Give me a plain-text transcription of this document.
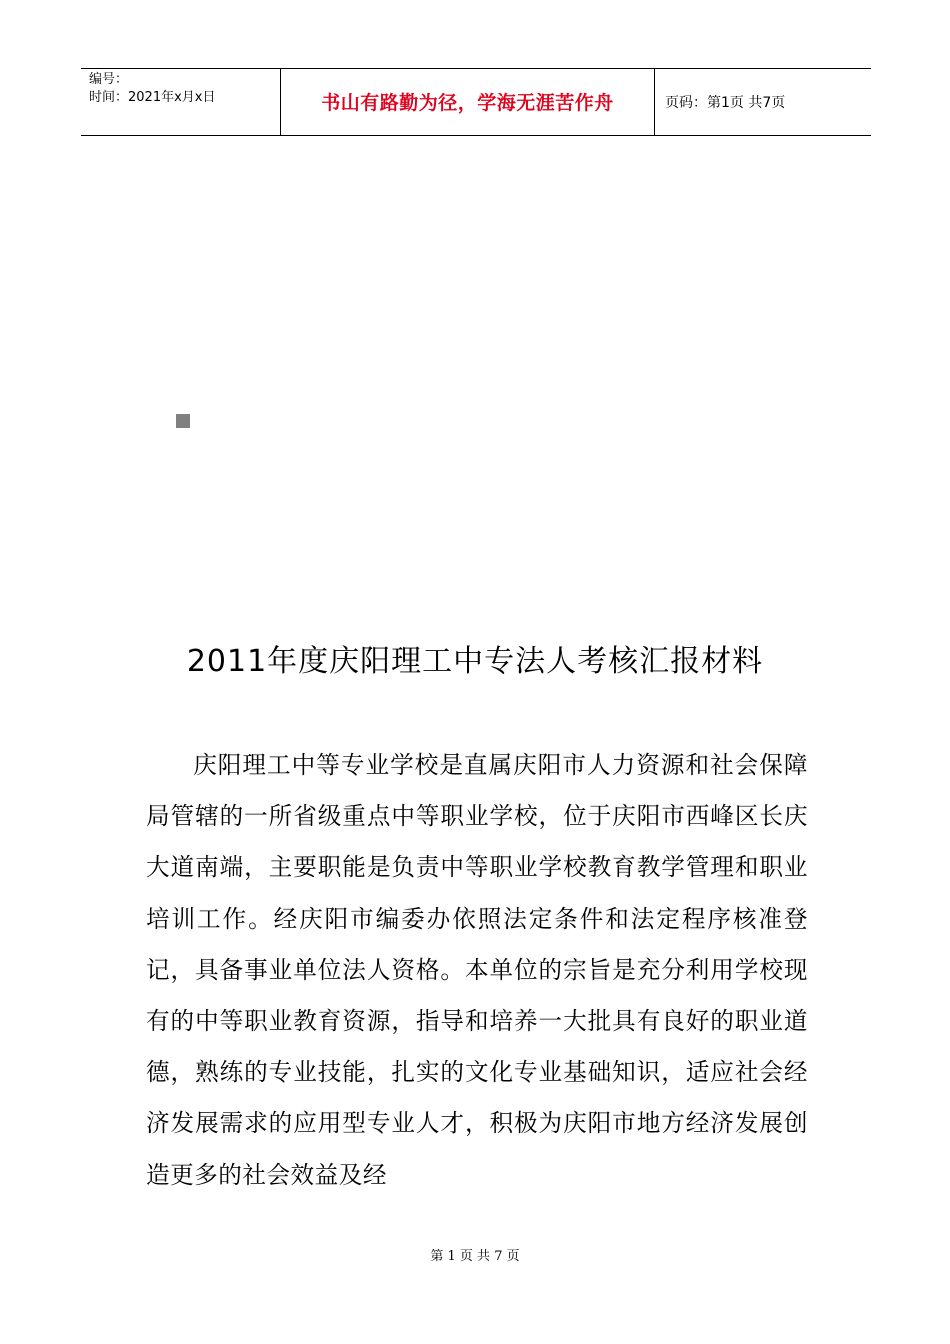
编号：
时间：2021年x月x日	书山有路勤为径，学海无涯苦作舟	页码：第1页 共7页
2011年度庆阳理工中专法人考核汇报材料

庆阳理工中等专业学校是直属庆阳市人力资源和社会保障局管辖的一所省级重点中等职业学校，位于庆阳市西峰区长庆大道南端，主要职能是负责中等职业学校教育教学管理和职业培训工作。经庆阳市编委办依照法定条件和法定程序核准登记，具备事业单位法人资格。本单位的宗旨是充分利用学校现有的中等职业教育资源，指导和培养一大批具有良好的职业道德，熟练的专业技能，扎实的文化专业基础知识，适应社会经济发展需求的应用型专业人才，积极为庆阳市地方经济发展创造更多的社会效益及经

第 1 页 共 7 页
